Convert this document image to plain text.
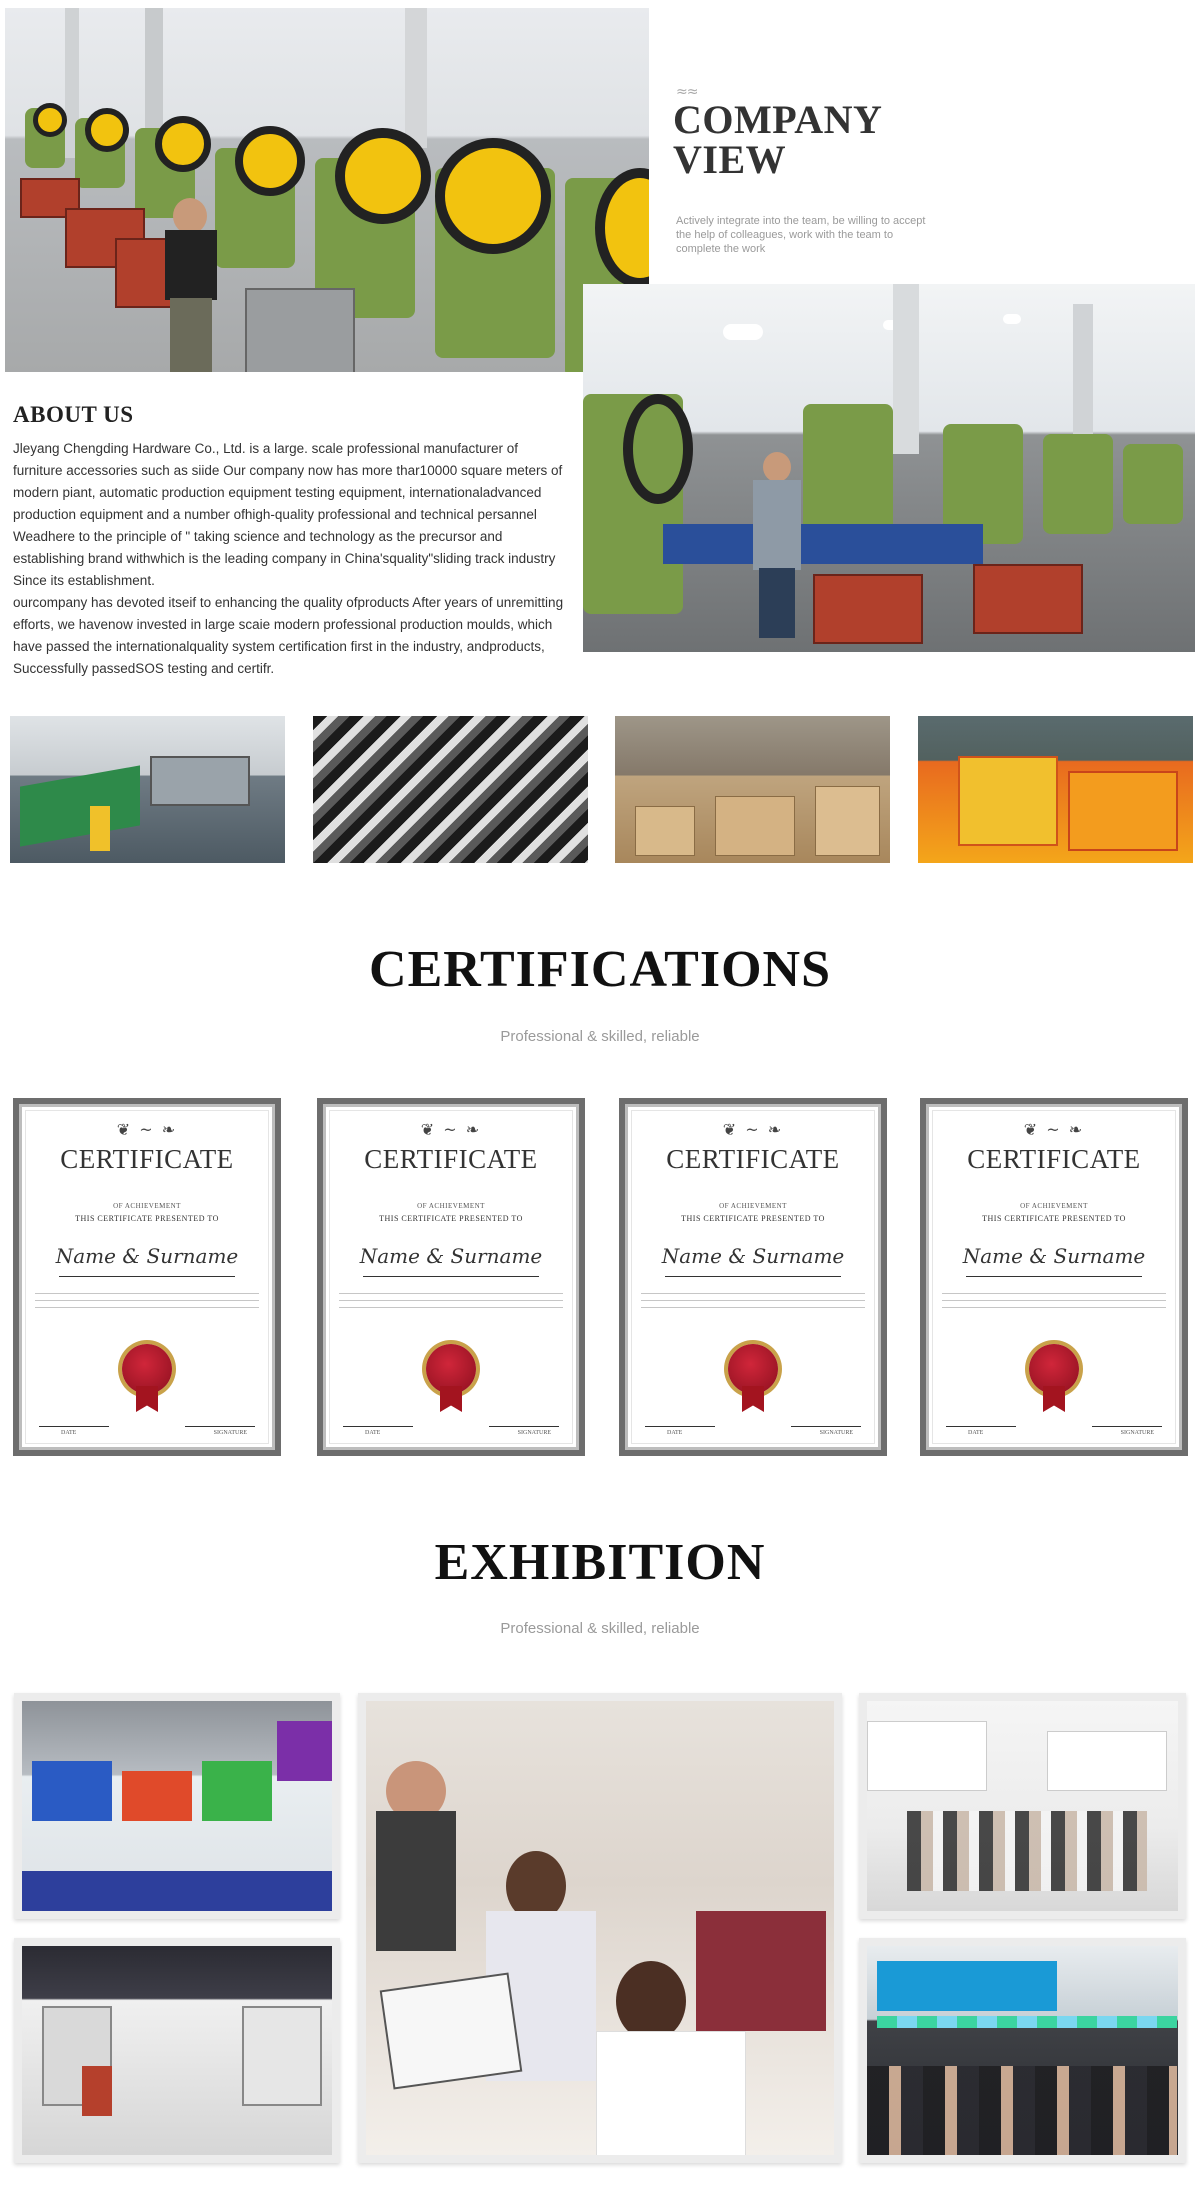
≈≈
COMPANY
VIEW
Actively integrate into the team, be willing to accept the help of colleagues, work with the team to complete the work
ABOUT US

Jleyang Chengding Hardware Co., Ltd. is a large. scale professional manufacturer of furniture accessories such as siide Our company now has more thar10000 square meters of modern piant, automatic production equipment testing equipment, internationaladvanced production equipment and a number ofhigh-quality professional and technical persannel Weadhere to the principle of " taking science and technology as the precursor and establishing brand withwhich is the leading company in China'squality"sliding track industry Since its establishment.

ourcompany has devoted itseif to enhancing the quality ofproducts After years of unremitting efforts, we havenow invested in large scaie modern professional production moulds, which have passed the internationalquality system certification first in the industry, andproducts, Successfully passedSOS testing and certifr.

CERTIFICATIONS
Professional & skilled, reliable
❦ ~ ❧
CERTIFICATE
OF ACHIEVEMENT
THIS CERTIFICATE PRESENTED TO
Name & Surname
DATE	SIGNATURE
❦ ~ ❧
CERTIFICATE
OF ACHIEVEMENT
THIS CERTIFICATE PRESENTED TO
Name & Surname
DATE	SIGNATURE
❦ ~ ❧
CERTIFICATE
OF ACHIEVEMENT
THIS CERTIFICATE PRESENTED TO
Name & Surname
DATE	SIGNATURE
❦ ~ ❧
CERTIFICATE
OF ACHIEVEMENT
THIS CERTIFICATE PRESENTED TO
Name & Surname
DATE	SIGNATURE
EXHIBITION
Professional & skilled, reliable
